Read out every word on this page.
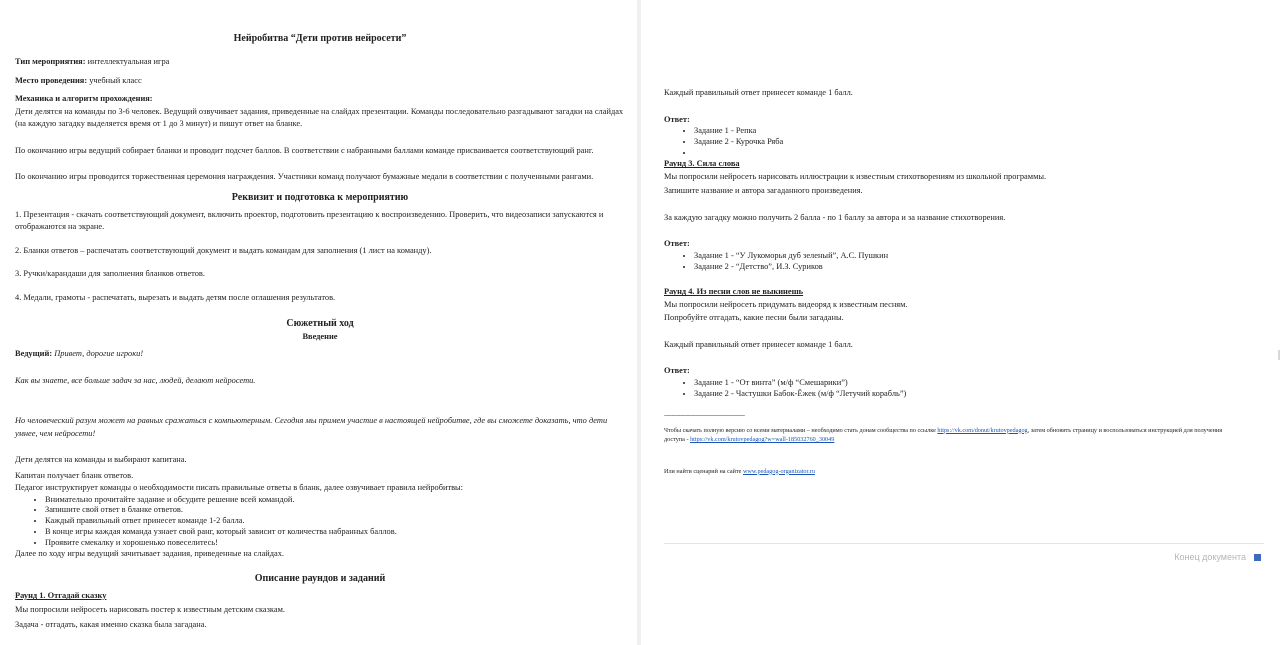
Нейробитва “Дети против нейросети”

Тип мероприятия: интеллектуальная игра

Место проведения: учебный класс

Механика и алгоритм прохождения:

Дети делятся на команды по 3-6 человек. Ведущий озвучивает задания, приведенные на слайдах презентации. Команды последовательно разгадывают загадки на слайдах

(на каждую загадку выделяется время от 1 до 3 минут) и пишут ответ на бланке.

По окончанию игры ведущий собирает бланки и проводит подсчет баллов. В соответствии с набранными баллами команде присваивается соответствующий ранг.

По окончанию игры проводится торжественная церемония награждения. Участники команд получают бумажные медали в соответствии с полученными рангами.

Реквизит и подготовка к мероприятию

1. Презентация - скачать соответствующий документ, включить проектор, подготовить презентацию к воспроизведению. Проверить, что видеозаписи запускаются и

отображаются на экране.

2. Бланки ответов – распечатать соответствующий документ и выдать командам для заполнения (1 лист на команду).

3. Ручки/карандаши для заполнения бланков ответов.

4. Медали, грамоты - распечатать, вырезать и выдать детям после оглашения результатов.

Сюжетный ход
Введение

Ведущий: Привет, дорогие игроки!

Как вы знаете, все больше задач за нас, людей, делают нейросети.

Но человеческий разум может на равных сражаться с компьютерным. Сегодня мы примем участие в настоящей нейробитве, где вы сможете доказать, что дети

умнее, чем нейросети!

Дети делятся на команды и выбирают капитана.

Капитан получает бланк ответов.

Педагог инструктирует команды о необходимости писать правильные ответы в бланк, далее озвучивает правила нейробитвы:

• Внимательно прочитайте задание и обсудите решение всей командой.
• Запишите свой ответ в бланке ответов.
• Каждый правильный ответ принесет команде 1-2 балла.
• В конце игры каждая команда узнает свой ранг, который зависит от количества набранных баллов.
• Проявите смекалку и хорошенько повеселитесь!

Далее по ходу игры ведущий зачитывает задания, приведенные на слайдах.

Описание раундов и заданий

Раунд 1. Отгадай сказку

Мы попросили нейросеть нарисовать постер к известным детским сказкам.

Задача - отгадать, какая именно сказка была загадана.

Каждый правильный ответ принесет команде 1 балл.

Ответ:

• Задание 1 - Репка
• Задание 2 - Курочка Ряба
•

Раунд 3. Сила слова

Мы попросили нейросеть нарисовать иллюстрации к известным стихотворениям из школьной программы.

Запишите название и автора загаданного произведения.

За каждую загадку можно получить 2 балла - по 1 баллу за автора и за название стихотворения.

Ответ:

• Задание 1 - “У Лукоморья дуб зеленый”, А.С. Пушкин
• Задание 2 - “Детство”, И.З. Суриков

Раунд 4. Из песни слов не выкинешь

Мы попросили нейросеть придумать видеоряд к известным песням.

Попробуйте отгадать, какие песни были загаданы.

Каждый правильный ответ принесет команде 1 балл.

Ответ:

• Задание 1 - “От винта” (м/ф “Смешарики”)
• Задание 2 - Частушки Бабок-Ёжек (м/ф “Летучий корабль”)

--------------------------------------------

Чтобы скачать полную версию со всеми материалами – необходимо стать донам сообщества по ссылке https://vk.com/donut/krutovpedagog, затем обновить страницу и воспользоваться инструкцией для получения

доступа - https://vk.com/krutovpedagog?w=wall-185032760_30049

Или найти сценарий на сайте www.pedagog-organizator.ru

Конец документа
